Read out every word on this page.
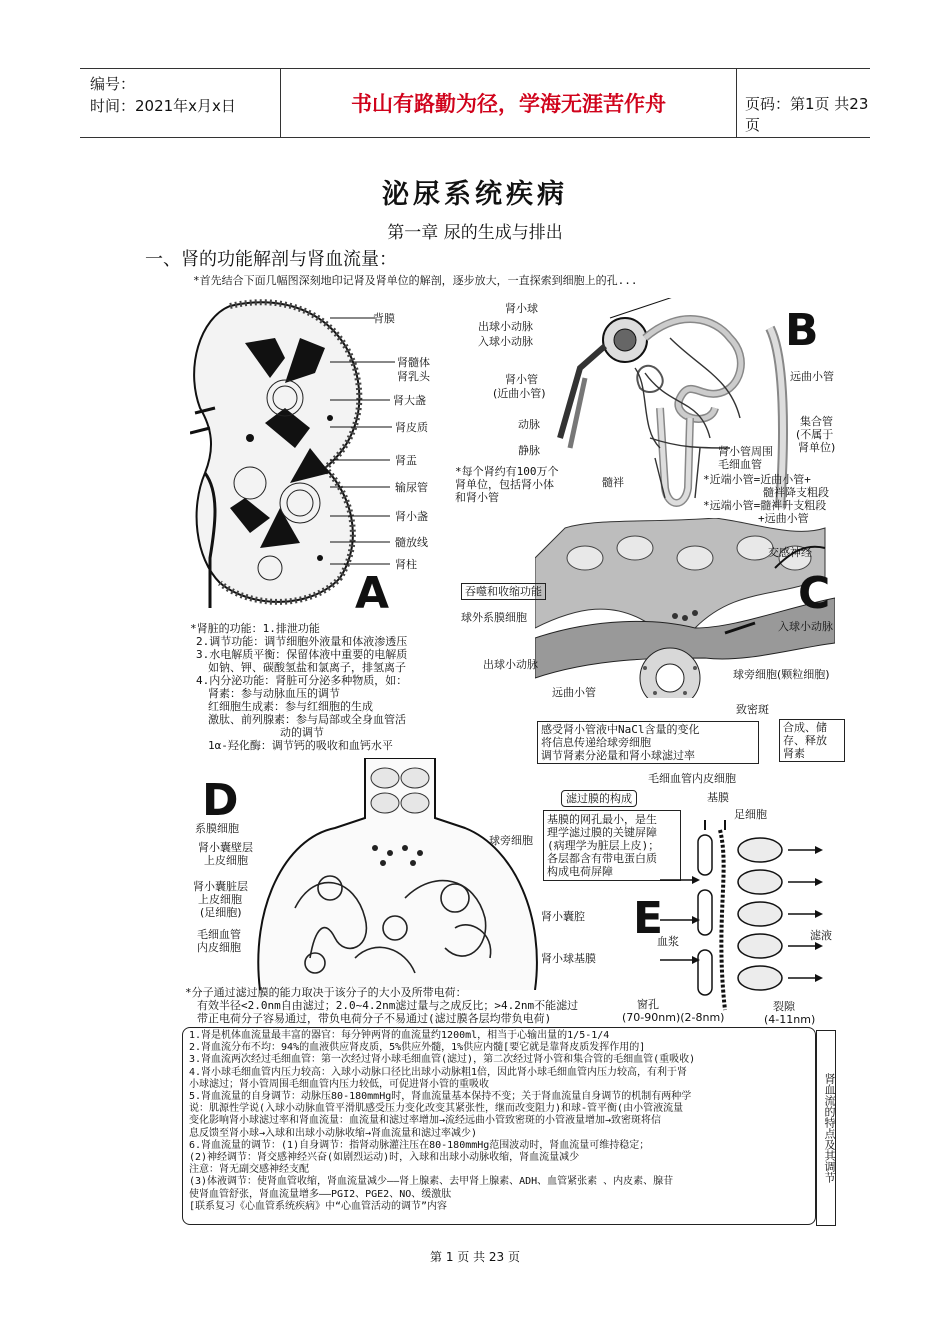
编号：
时间：2021年x月x日	书山有路勤为径，学海无涯苦作舟	页码：第1页 共23页
泌尿系统疾病
第一章 尿的生成与排出
一、肾的功能解剖与肾血流量：
*首先结合下面几幅图深刻地印记肾及肾单位的解剖，逐步放大，一直探索到细胞上的孔...
A
背膜
肾髓体
肾乳头
肾大盏
肾皮质
肾盂
输尿管
肾小盏
髓放线
肾柱
B
肾小球
出球小动脉
入球小动脉
肾小管
(近曲小管)
动脉
静脉
远曲小管
集合管
(不属于
肾单位)
肾小管周围
毛细血管
髓袢
*每个肾约有100万个
肾单位，包括肾小体
和肾小管
*近端小管=近曲小管+
髓袢降支粗段
*远端小管=髓袢升支粗段
+远曲小管
C
交感神经
吞噬和收缩功能
球外系膜细胞
入球小动脉
出球小动脉
远曲小管
球旁细胞(颗粒细胞)
致密斑
感受肾小管液中NaCl含量的变化
将信息传递给球旁细胞
调节肾素分泌量和肾小球滤过率
合成、储
存、释放
肾素
*肾脏的功能：1.排泄功能
2.调节功能：调节细胞外液量和体液渗透压
3.水电解质平衡：保留体液中重要的电解质
如钠、钾、碳酸氢盐和氯离子，排氢离子
4.内分泌功能：肾脏可分泌多种物质，如：
肾素：参与动脉血压的调节
红细胞生成素：参与红细胞的生成
激肽、前列腺素：参与局部或全身血管活
动的调节
1α-羟化酶：调节钙的吸收和血钙水平
D
系膜细胞
肾小囊壁层
上皮细胞
肾小囊脏层
上皮细胞
(足细胞)
毛细血管
内皮细胞
球旁细胞
肾小囊腔
肾小球基膜
毛细血管内皮细胞
基膜
足细胞
滤过膜的构成
基膜的网孔最小，是生
理学滤过膜的关键屏障
(病理学为脏层上皮)；
各层都含有带电蛋白质
构成电荷屏障
E
血浆	滤液
窗孔
(70-90nm)(2-8nm)
裂隙
(4-11nm)
*分子通过滤过膜的能力取决于该分子的大小及所带电荷：
有效半径<2.0nm自由滤过；2.0~4.2nm滤过量与之成反比；>4.2nm不能滤过
带正电荷分子容易通过，带负电荷分子不易通过(滤过膜各层均带负电荷)
1.肾是机体血流量最丰富的器官：每分钟两肾的血流量约1200ml，相当于心输出量的1/5-1/4
2.肾血流分布不均：94%的血液供应肾皮质，5%供应外髓，1%供应内髓[要它就是靠肾皮质发挥作用的]
3.肾血流两次经过毛细血管：第一次经过肾小球毛细血管(滤过)，第二次经过肾小管和集合管的毛细血管(重吸收)
4.肾小球毛细血管内压力较高：入球小动脉口径比出球小动脉粗1倍，因此肾小球毛细血管内压力较高，有利于肾
小球滤过；肾小管周围毛细血管内压力较低，可促进肾小管的重吸收
5.肾血流量的自身调节：动脉压80-180mmHg时，肾血流量基本保持不变；关于肾血流量自身调节的机制有两种学
说：肌源性学说(入球小动脉血管平滑肌感受压力变化改变其紧张性，继而改变阻力)和球-管平衡(由小管液流量
变化影响肾小球滤过率和肾血流量：血流量和滤过率增加→流经远曲小管致密斑的小管液量增加→致密斑将信
息反馈至肾小球→入球和出球小动脉收缩→肾血流量和滤过率减少)
6.肾血流量的调节：(1)自身调节：指肾动脉灌注压在80-180mmHg范围波动时，肾血流量可维持稳定；
(2)神经调节：肾交感神经兴奋(如剧烈运动)时，入球和出球小动脉收缩，肾血流量减少
注意：肾无副交感神经支配
(3)体液调节：使肾血管收缩，肾血流量减少——肾上腺素、去甲肾上腺素、ADH、血管紧张素 、内皮素、腺苷
使肾血管舒张，肾血流量增多——PGI2、PGE2、NO、缓激肽
[联系复习《心血管系统疾病》中“心血管活动的调节”内容
肾血流的特点及其调节
第 1 页 共 23 页
